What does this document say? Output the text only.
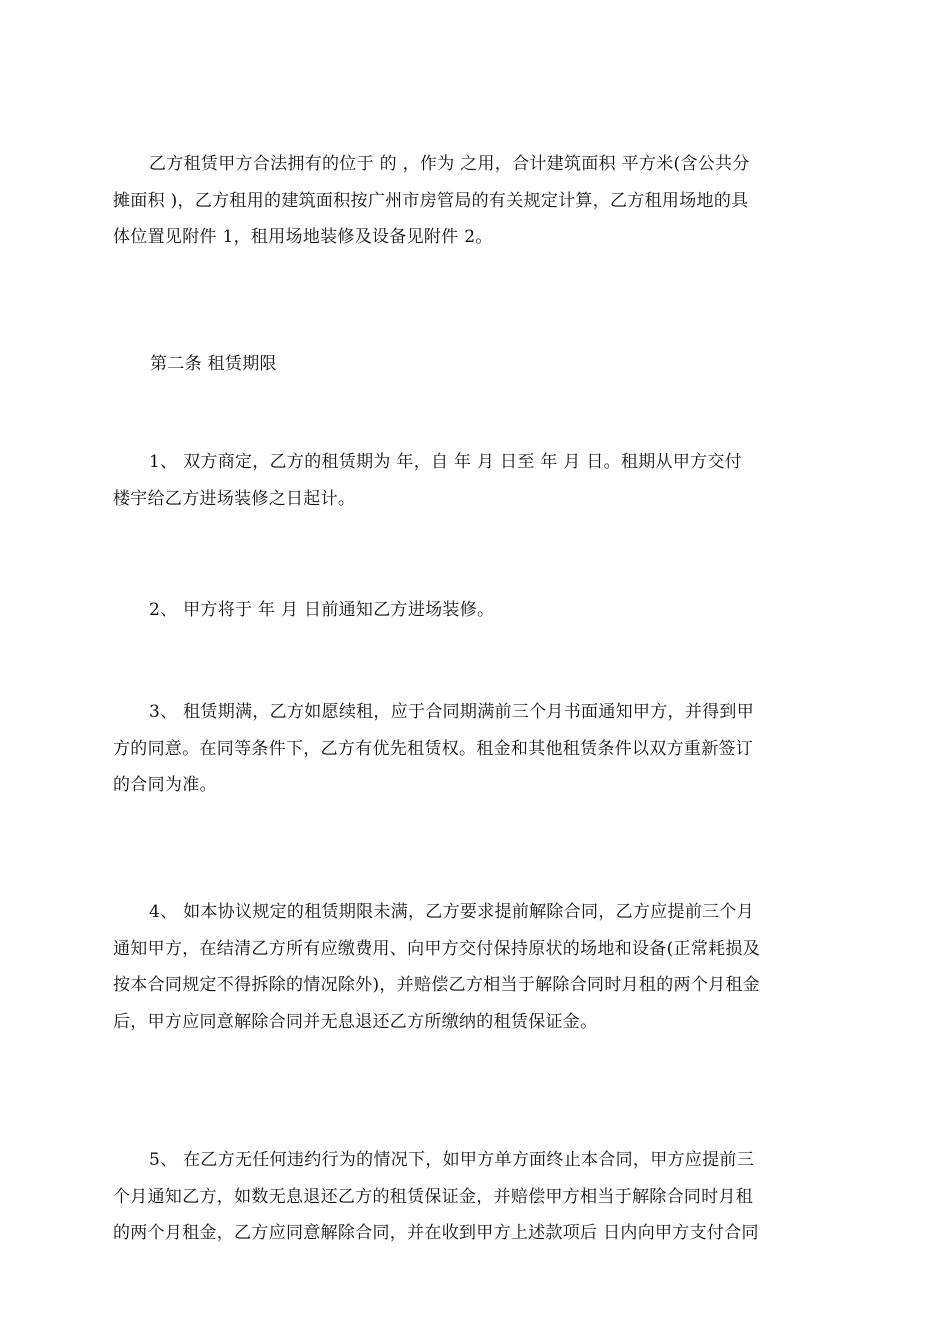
乙方租赁甲方合法拥有的位于 的 ，作为 之用，合计建筑面积 平方米(含公共分
摊面积 )，乙方租用的建筑面积按广州市房管局的有关规定计算，乙方租用场地的具
体位置见附件 1，租用场地装修及设备见附件 2。

第二条 租赁期限

1、 双方商定，乙方的租赁期为 年，自 年 月 日至 年 月 日。租期从甲方交付
楼宇给乙方进场装修之日起计。

2、 甲方将于 年 月 日前通知乙方进场装修。

3、 租赁期满，乙方如愿续租，应于合同期满前三个月书面通知甲方，并得到甲
方的同意。在同等条件下，乙方有优先租赁权。租金和其他租赁条件以双方重新签订
的合同为准。

4、 如本协议规定的租赁期限未满，乙方要求提前解除合同，乙方应提前三个月
通知甲方，在结清乙方所有应缴费用、向甲方交付保持原状的场地和设备(正常耗损及
按本合同规定不得拆除的情况除外)，并赔偿乙方相当于解除合同时月租的两个月租金
后，甲方应同意解除合同并无息退还乙方所缴纳的租赁保证金。

5、 在乙方无任何违约行为的情况下，如甲方单方面终止本合同，甲方应提前三
个月通知乙方，如数无息退还乙方的租赁保证金，并赔偿甲方相当于解除合同时月租
的两个月租金，乙方应同意解除合同，并在收到甲方上述款项后 日内向甲方支付合同
